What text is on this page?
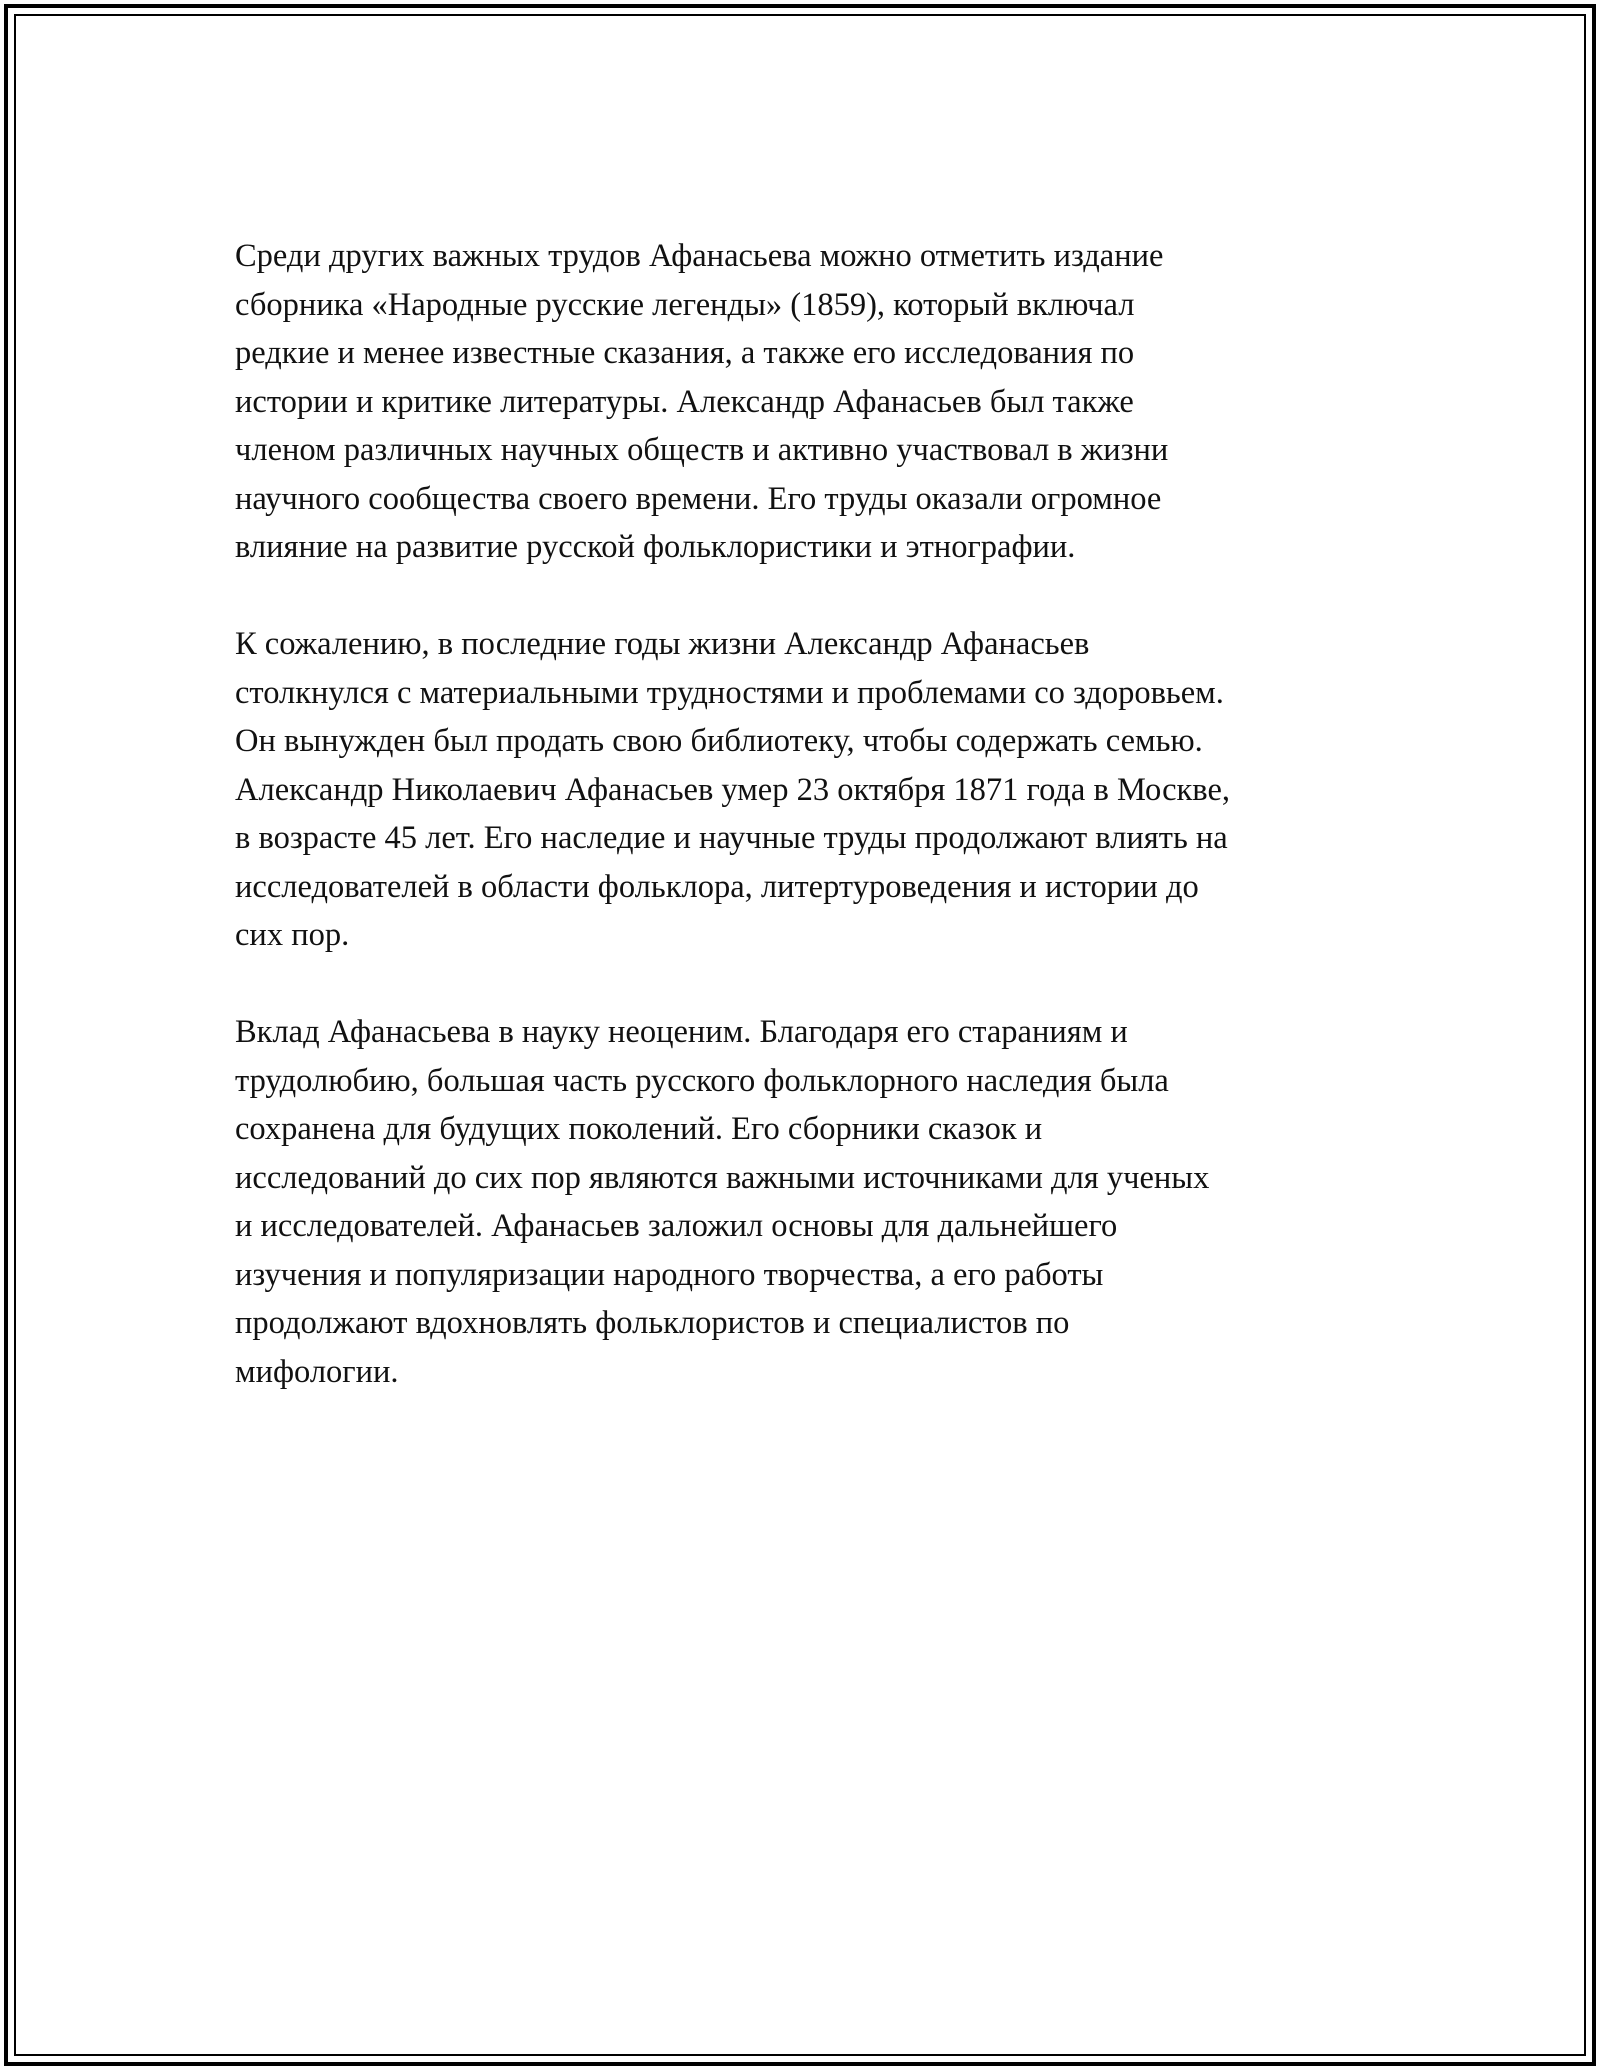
Среди других важных трудов Афанасьева можно отметить издание
сборника «Народные русские легенды» (1859), который включал
редкие и менее известные сказания, а также его исследования по
истории и критике литературы. Александр Афанасьев был также
членом различных научных обществ и активно участвовал в жизни
научного сообщества своего времени. Его труды оказали огромное
влияние на развитие русской фольклористики и этнографии.

К сожалению, в последние годы жизни Александр Афанасьев
столкнулся с материальными трудностями и проблемами со здоровьем.
Он вынужден был продать свою библиотеку, чтобы содержать семью.
Александр Николаевич Афанасьев умер 23 октября 1871 года в Москве,
в возрасте 45 лет. Его наследие и научные труды продолжают влиять на
исследователей в области фольклора, литертуроведения и истории до
сих пор.

Вклад Афанасьева в науку неоценим. Благодаря его стараниям и
трудолюбию, большая часть русского фольклорного наследия была
сохранена для будущих поколений. Его сборники сказок и
исследований до сих пор являются важными источниками для ученых
и исследователей. Афанасьев заложил основы для дальнейшего
изучения и популяризации народного творчества, а его работы
продолжают вдохновлять фольклористов и специалистов по
мифологии.
